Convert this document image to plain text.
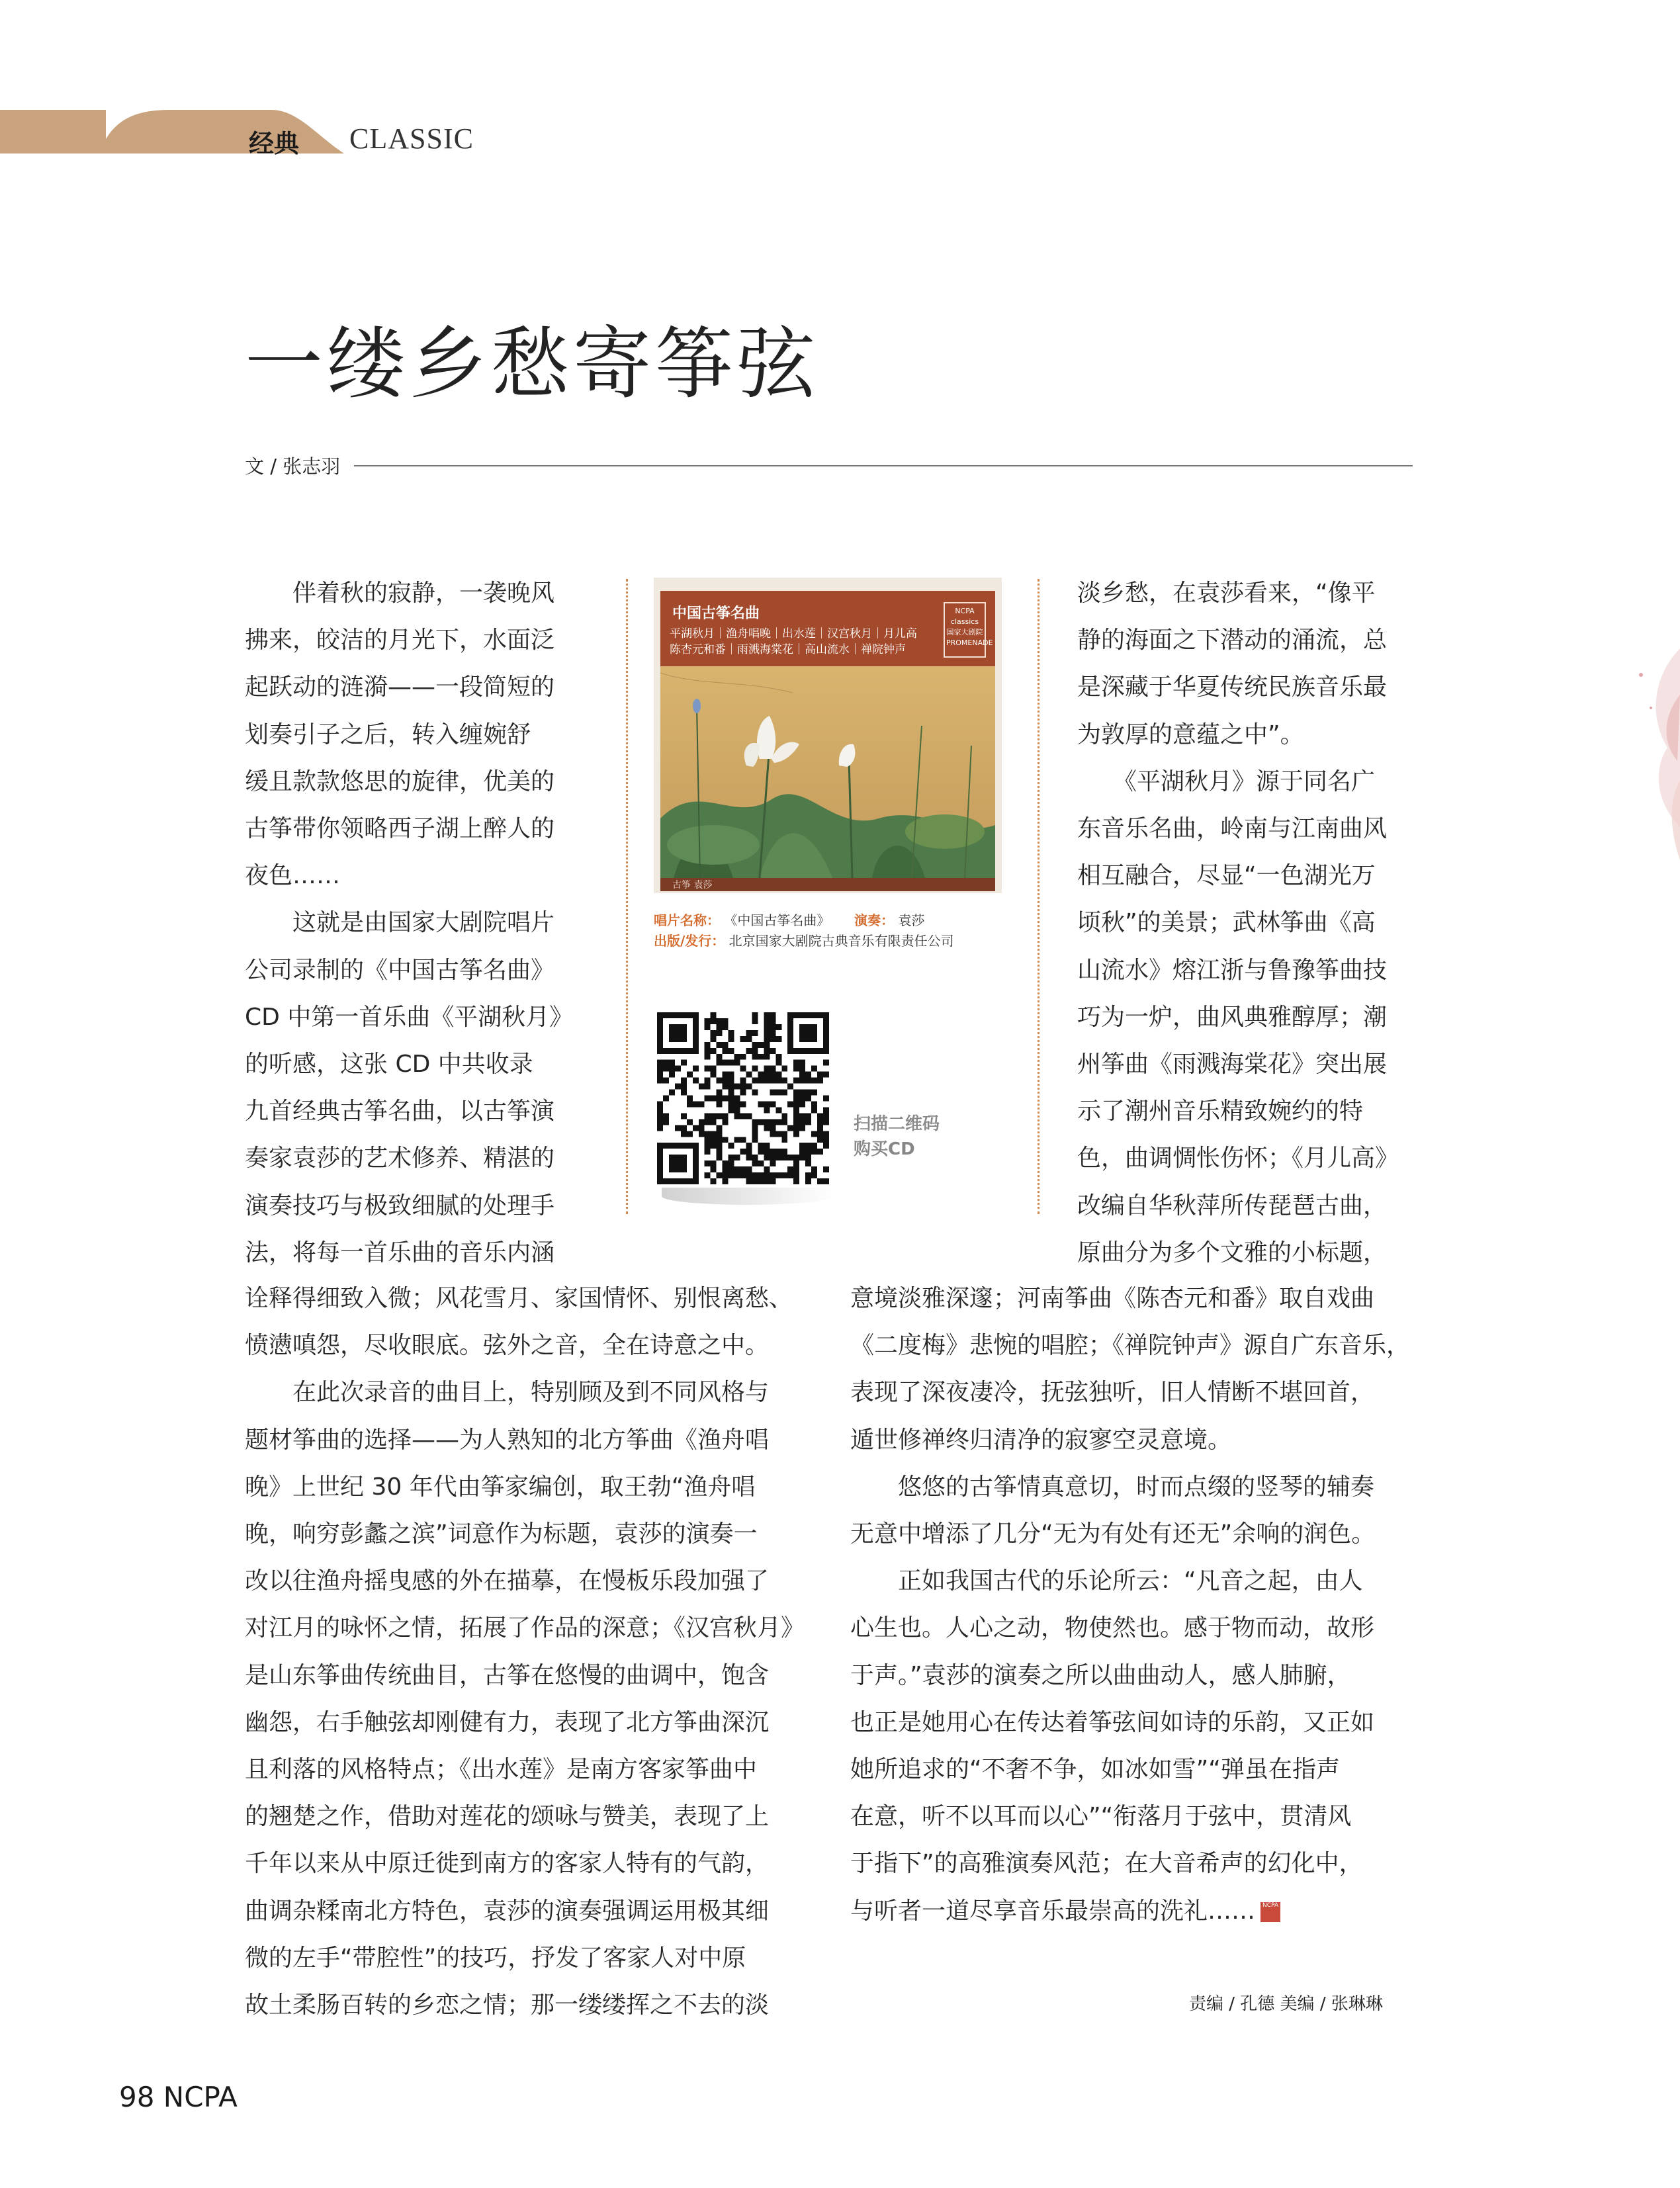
经典 CLASSIC
一缕乡愁寄筝弦
文 / 张志羽
　　伴着秋的寂静，一袭晚风
拂来，皎洁的月光下，水面泛
起跃动的涟漪——一段简短的
划奏引子之后，转入缠婉舒
缓且款款悠思的旋律，优美的
古筝带你领略西子湖上醉人的
夜色……
　　这就是由国家大剧院唱片
公司录制的《中国古筝名曲》
CD 中第一首乐曲《平湖秋月》
的听感，这张 CD 中共收录
九首经典古筝名曲，以古筝演
奏家袁莎的艺术修养、精湛的
演奏技巧与极致细腻的处理手
法，将每一首乐曲的音乐内涵
诠释得细致入微；风花雪月、家国情怀、别恨离愁、
愤懑嗔怨，尽收眼底。弦外之音，全在诗意之中。
　　在此次录音的曲目上，特别顾及到不同风格与
题材筝曲的选择——为人熟知的北方筝曲《渔舟唱
晚》上世纪 30 年代由筝家编创，取王勃“渔舟唱
晚，响穷彭蠡之滨”词意作为标题，袁莎的演奏一
改以往渔舟摇曳感的外在描摹，在慢板乐段加强了
对江月的咏怀之情，拓展了作品的深意；《汉宫秋月》
是山东筝曲传统曲目，古筝在悠慢的曲调中，饱含
幽怨，右手触弦却刚健有力，表现了北方筝曲深沉
且利落的风格特点；《出水莲》是南方客家筝曲中
的翘楚之作，借助对莲花的颂咏与赞美，表现了上
千年以来从中原迁徙到南方的客家人特有的气韵，
曲调杂糅南北方特色，袁莎的演奏强调运用极其细
微的左手“带腔性”的技巧，抒发了客家人对中原
故土柔肠百转的乡恋之情；那一缕缕挥之不去的淡
淡乡愁，在袁莎看来，“像平
静的海面之下潜动的涌流，总
是深藏于华夏传统民族音乐最
为敦厚的意蕴之中”。
　　《平湖秋月》源于同名广
东音乐名曲，岭南与江南曲风
相互融合，尽显“一色湖光万
顷秋”的美景；武林筝曲《高
山流水》熔江浙与鲁豫筝曲技
巧为一炉，曲风典雅醇厚；潮
州筝曲《雨溅海棠花》突出展
示了潮州音乐精致婉约的特
色，曲调惆怅伤怀；《月儿高》
改编自华秋萍所传琵琶古曲，
原曲分为多个文雅的小标题，
意境淡雅深邃；河南筝曲《陈杏元和番》取自戏曲
《二度梅》悲惋的唱腔；《禅院钟声》源自广东音乐，
表现了深夜凄冷，抚弦独听，旧人情断不堪回首，
遁世修禅终归清净的寂寥空灵意境。
　　悠悠的古筝情真意切，时而点缀的竖琴的辅奏
无意中增添了几分“无为有处有还无”余响的润色。
　　正如我国古代的乐论所云：“凡音之起，由人
心生也。人心之动，物使然也。感于物而动，故形
于声。”袁莎的演奏之所以曲曲动人，感人肺腑，
也正是她用心在传达着筝弦间如诗的乐韵，又正如
她所追求的“不奢不争，如冰如雪”“弹虽在指声
在意，听不以耳而以心”“衔落月于弦中，贯清风
于指下”的高雅演奏风范；在大音希声的幻化中，
与听者一道尽享音乐最崇高的洗礼…… NCPA
中国古筝名曲
平湖秋月｜渔舟唱晚｜出水莲｜汉宫秋月｜月儿高
陈杏元和番｜雨溅海棠花｜高山流水｜禅院钟声
NCPA classics 国家大剧院 PROMENADE
古筝 袁莎
唱片名称： 《中国古筝名曲》 演奏： 袁莎
出版/发行： 北京国家大剧院古典音乐有限责任公司
扫描二维码
购买CD
责编 / 孔德 美编 / 张琳琳
98 NCPA
